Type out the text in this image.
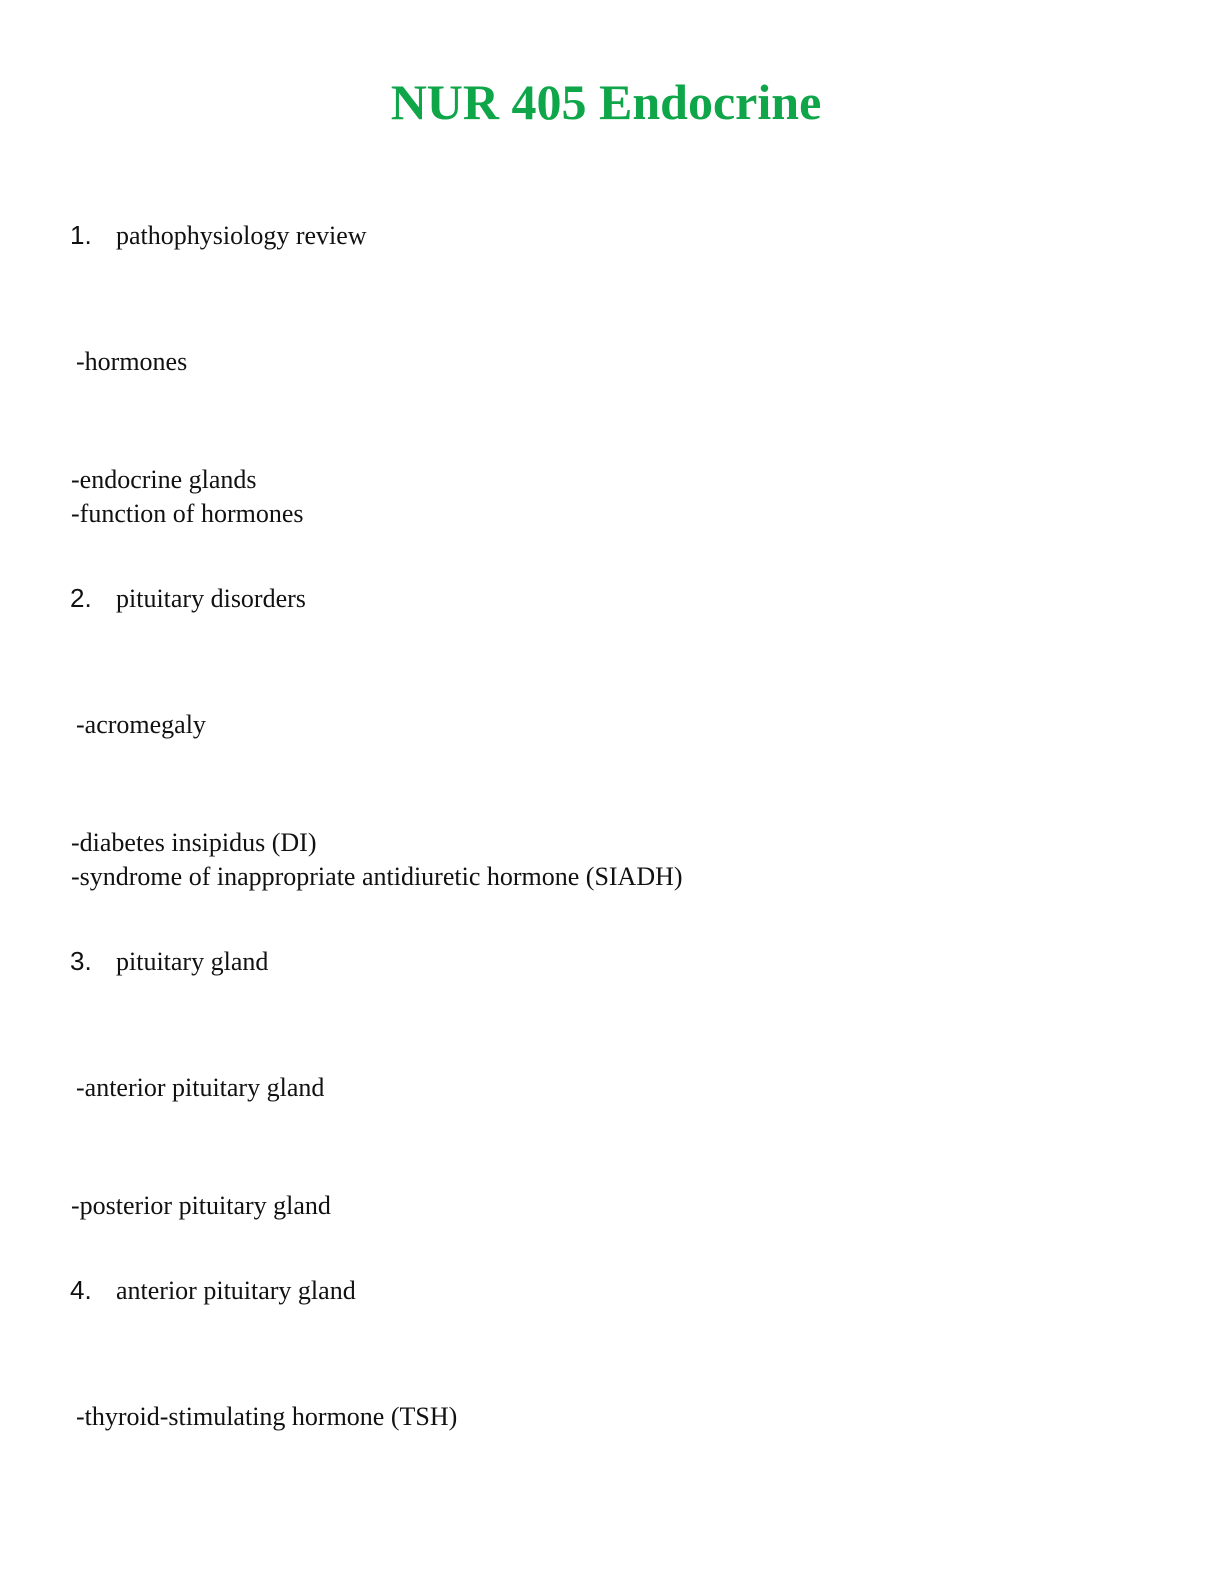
NUR 405 Endocrine
1. pathophysiology review
-hormones
-endocrine glands
-function of hormones
2. pituitary disorders
-acromegaly
-diabetes insipidus (DI)
-syndrome of inappropriate antidiuretic hormone (SIADH)
3. pituitary gland
-anterior pituitary gland
-posterior pituitary gland
4. anterior pituitary gland
-thyroid-stimulating hormone (TSH)
